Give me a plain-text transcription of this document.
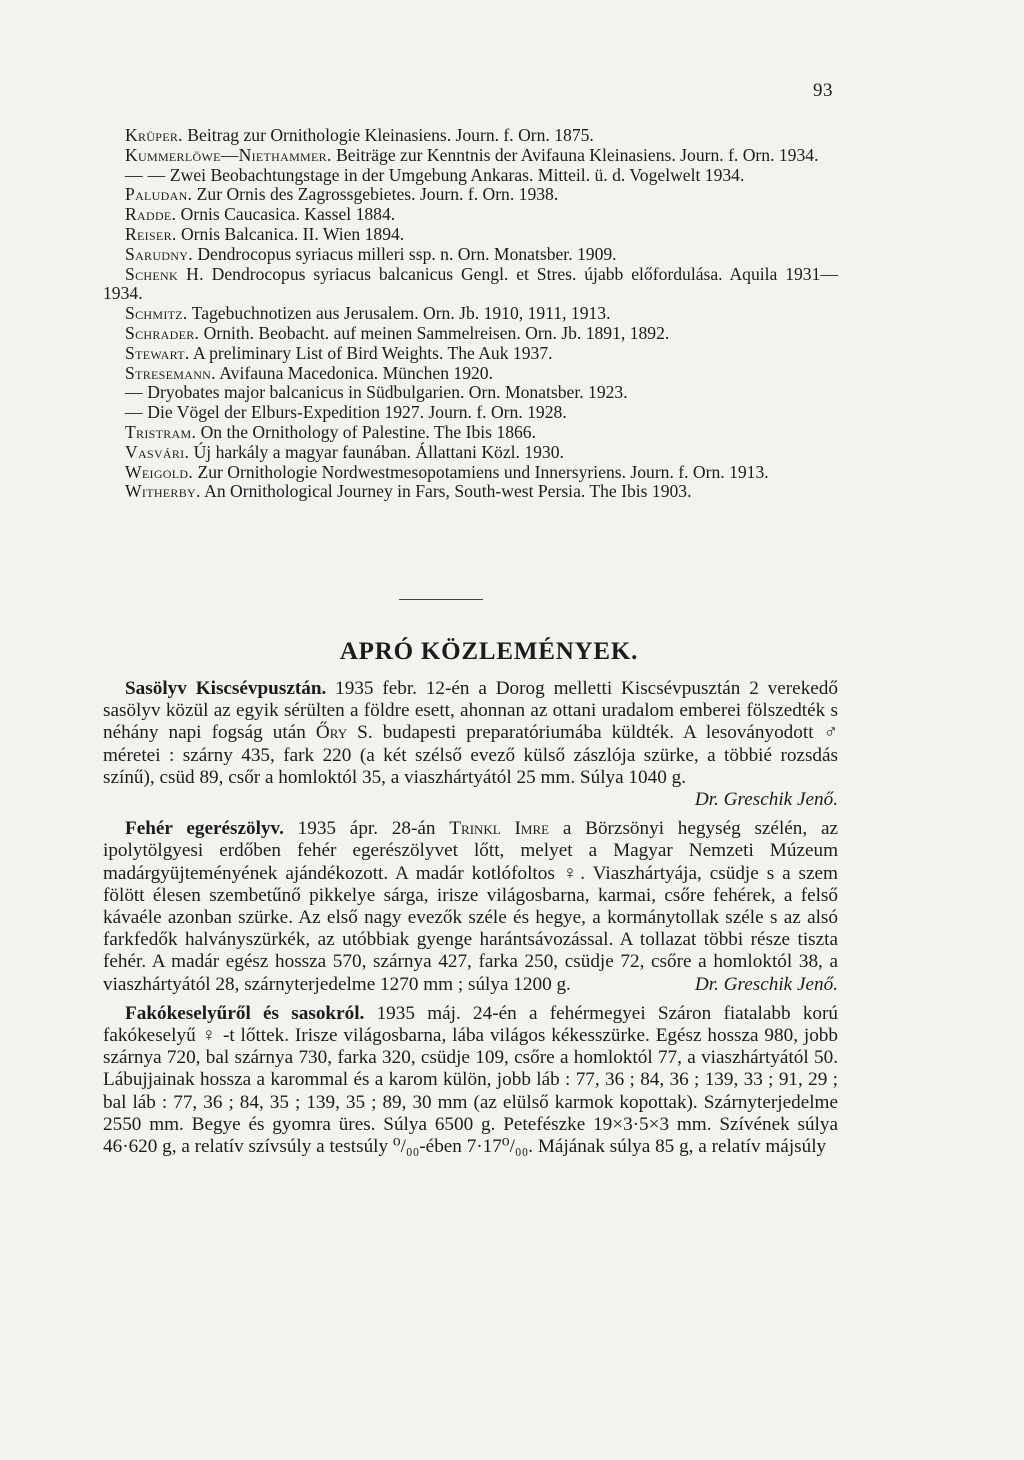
93

Krüper. Beitrag zur Ornithologie Kleinasiens. Journ. f. Orn. 1875.

Kummerlöwe—Niethammer. Beiträge zur Kenntnis der Avifauna Kleinasiens. Journ. f. Orn. 1934.

— — Zwei Beobachtungstage in der Umgebung Ankaras. Mitteil. ü. d. Vogelwelt 1934.

Paludan. Zur Ornis des Zagrossgebietes. Journ. f. Orn. 1938.

Radde. Ornis Caucasica. Kassel 1884.

Reiser. Ornis Balcanica. II. Wien 1894.

Sarudny. Dendrocopus syriacus milleri ssp. n. Orn. Monatsber. 1909.

Schenk H. Dendrocopus syriacus balcanicus Gengl. et Stres. újabb előfordulása. Aquila 1931—1934.

Schmitz. Tagebuchnotizen aus Jerusalem. Orn. Jb. 1910, 1911, 1913.

Schrader. Ornith. Beobacht. auf meinen Sammelreisen. Orn. Jb. 1891, 1892.

Stewart. A preliminary List of Bird Weights. The Auk 1937.

Stresemann. Avifauna Macedonica. München 1920.

— Dryobates major balcanicus in Südbulgarien. Orn. Monatsber. 1923.

— Die Vögel der Elburs-Expedition 1927. Journ. f. Orn. 1928.

Tristram. On the Ornithology of Palestine. The Ibis 1866.

Vasvári. Új harkály a magyar faunában. Állattani Közl. 1930.

Weigold. Zur Ornithologie Nordwestmesopotamiens und Innersyriens. Journ. f. Orn. 1913.

Witherby. An Ornithological Journey in Fars, South-west Persia. The Ibis 1903.

APRÓ KÖZLEMÉNYEK.

Sasölyv Kiscsévpusztán. 1935 febr. 12-én a Dorog melletti Kiscsévpusztán 2 verekedő sasölyv közül az egyik sérülten a földre esett, ahonnan az ottani uradalom emberei fölszedték s néhány napi fogság után Őry S. budapesti preparatóriumába küldték. A lesoványodott ♂ méretei : szárny 435, fark 220 (a két szélső evező külső zászlója szürke, a többié rozsdás színű), csüd 89, csőr a homloktól 35, a viaszhártyától 25 mm. Súlya 1040 g.
Dr. Greschik Jenő.

Fehér egerészölyv. 1935 ápr. 28-án Trinkl Imre a Börzsönyi hegység szélén, az ipolytölgyesi erdőben fehér egerészölyvet lőtt, melyet a Magyar Nemzeti Múzeum madárgyüjteményének ajándékozott. A madár kotlófoltos ♀. Viaszhártyája, csüdje s a szem fölött élesen szembetűnő pikkelye sárga, irisze világosbarna, karmai, csőre fehérek, a felső kávaéle azonban szürke. Az első nagy evezők széle és hegye, a kormánytollak széle s az alsó farkfedők halványszürkék, az utóbbiak gyenge harántsávozással. A tollazat többi része tiszta fehér. A madár egész hossza 570, szárnya 427, farka 250, csüdje 72, csőre a homloktól 38, a viaszhártyától 28, szárnyterjedelme 1270 mm ; súlya 1200 g.	Dr. Greschik Jenő.

Fakókeselyűről és sasokról. 1935 máj. 24-én a fehérmegyei Száron fiatalabb korú fakókeselyű ♀ -t lőttek. Irisze világosbarna, lába világos kékesszürke. Egész hossza 980, jobb szárnya 720, bal szárnya 730, farka 320, csüdje 109, csőre a homloktól 77, a viaszhártyától 50. Lábujjainak hossza a karommal és a karom külön, jobb láb : 77, 36 ; 84, 36 ; 139, 33 ; 91, 29 ; bal láb : 77, 36 ; 84, 35 ; 139, 35 ; 89, 30 mm (az elülső karmok kopottak). Szárnyterjedelme 2550 mm. Begye és gyomra üres. Súlya 6500 g. Petefészke 19×3·5×3 mm. Szívének súlya 46·620 g, a relatív szívsúly a testsúly ⁰/₀₀-ében 7·17⁰/₀₀. Májának súlya 85 g, a relatív májsúly
